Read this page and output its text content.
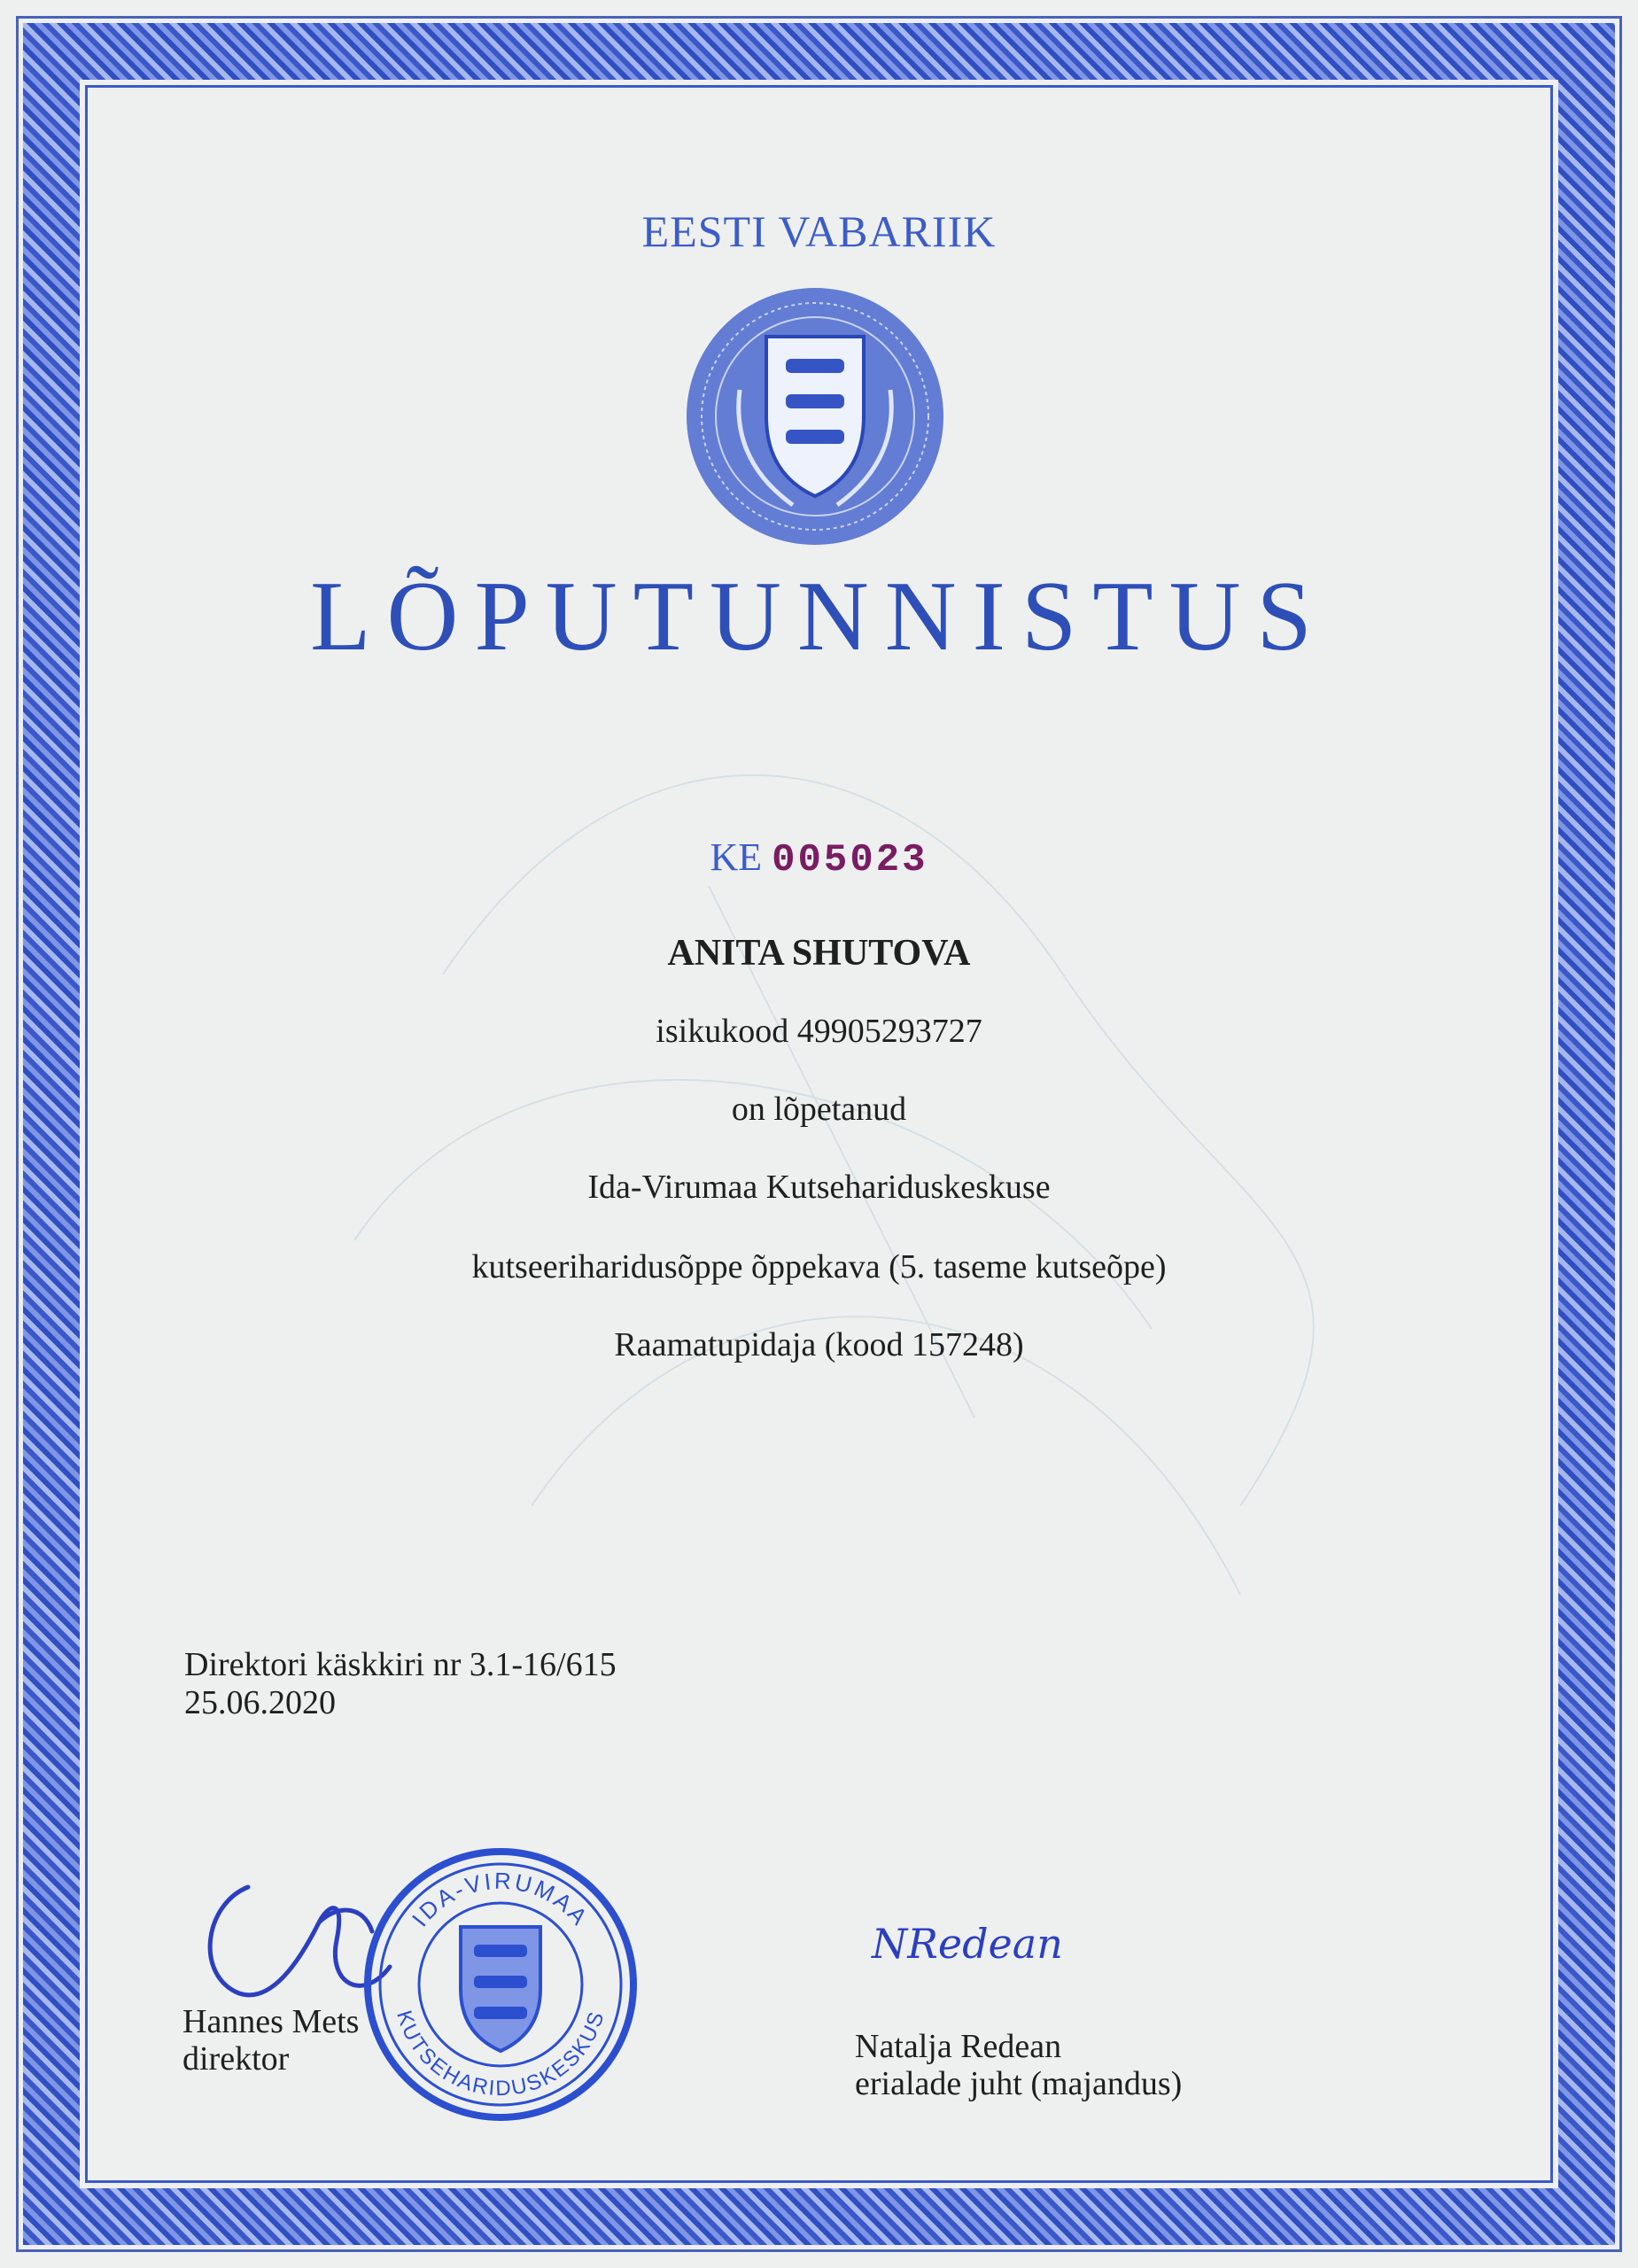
EESTI VABARIIK
LÕPUTUNNISTUS
KE 005023
ANITA SHUTOVA
isikukood 49905293727
on lõpetanud
Ida-Virumaa Kutsehariduskeskuse
kutseeriharidusõppe õppekava (5. taseme kutseõpe)
Raamatupidaja (kood 157248)
Direktori käskkiri nr 3.1-16/615
25.06.2020
IDA-VIRUMAA
KUTSEHARIDUSKESKUS
Hannes Mets
direktor
NRedean
Natalja Redean
erialade juht (majandus)
